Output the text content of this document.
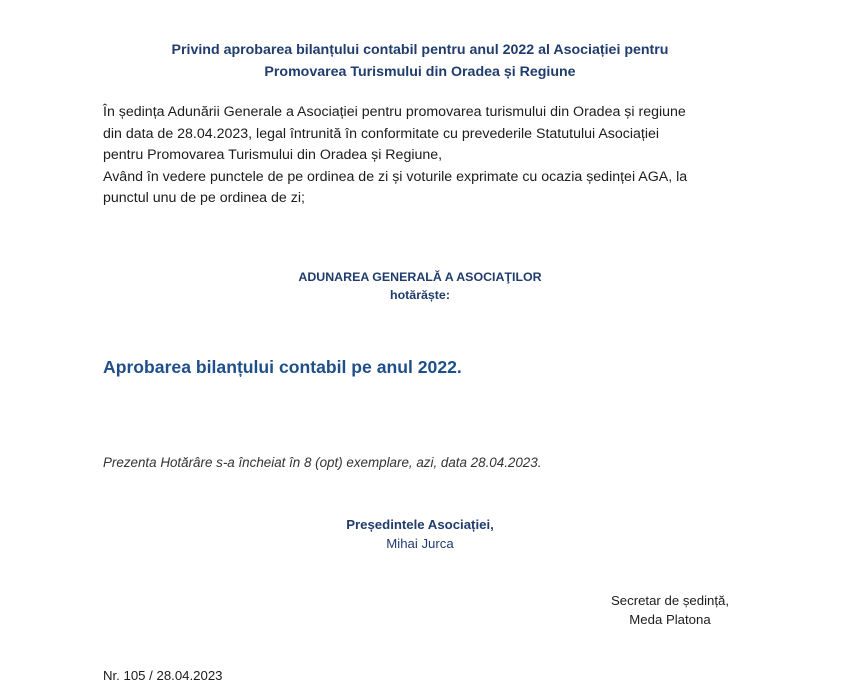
Privind aprobarea bilanțului contabil pentru anul 2022 al Asociației pentru
Promovarea Turismului din Oradea și Regiune
În ședința Adunării Generale a Asociației pentru promovarea turismului din Oradea și regiune
din data de 28.04.2023, legal întrunită în conformitate cu prevederile Statutului Asociației
pentru Promovarea Turismului din Oradea și Regiune,
Având în vedere punctele de pe ordinea de zi și voturile exprimate cu ocazia ședinței AGA, la
punctul unu de pe ordinea de zi;
ADUNAREA GENERALĂ A ASOCIAŢILOR
hotărăște:
Aprobarea bilanțului contabil pe anul 2022.
Prezenta Hotărâre s-a încheiat în 8 (opt) exemplare, azi, data 28.04.2023.
Președintele Asociației,
Mihai Jurca
Secretar de ședință,
Meda Platona
Nr. 105 / 28.04.2023
